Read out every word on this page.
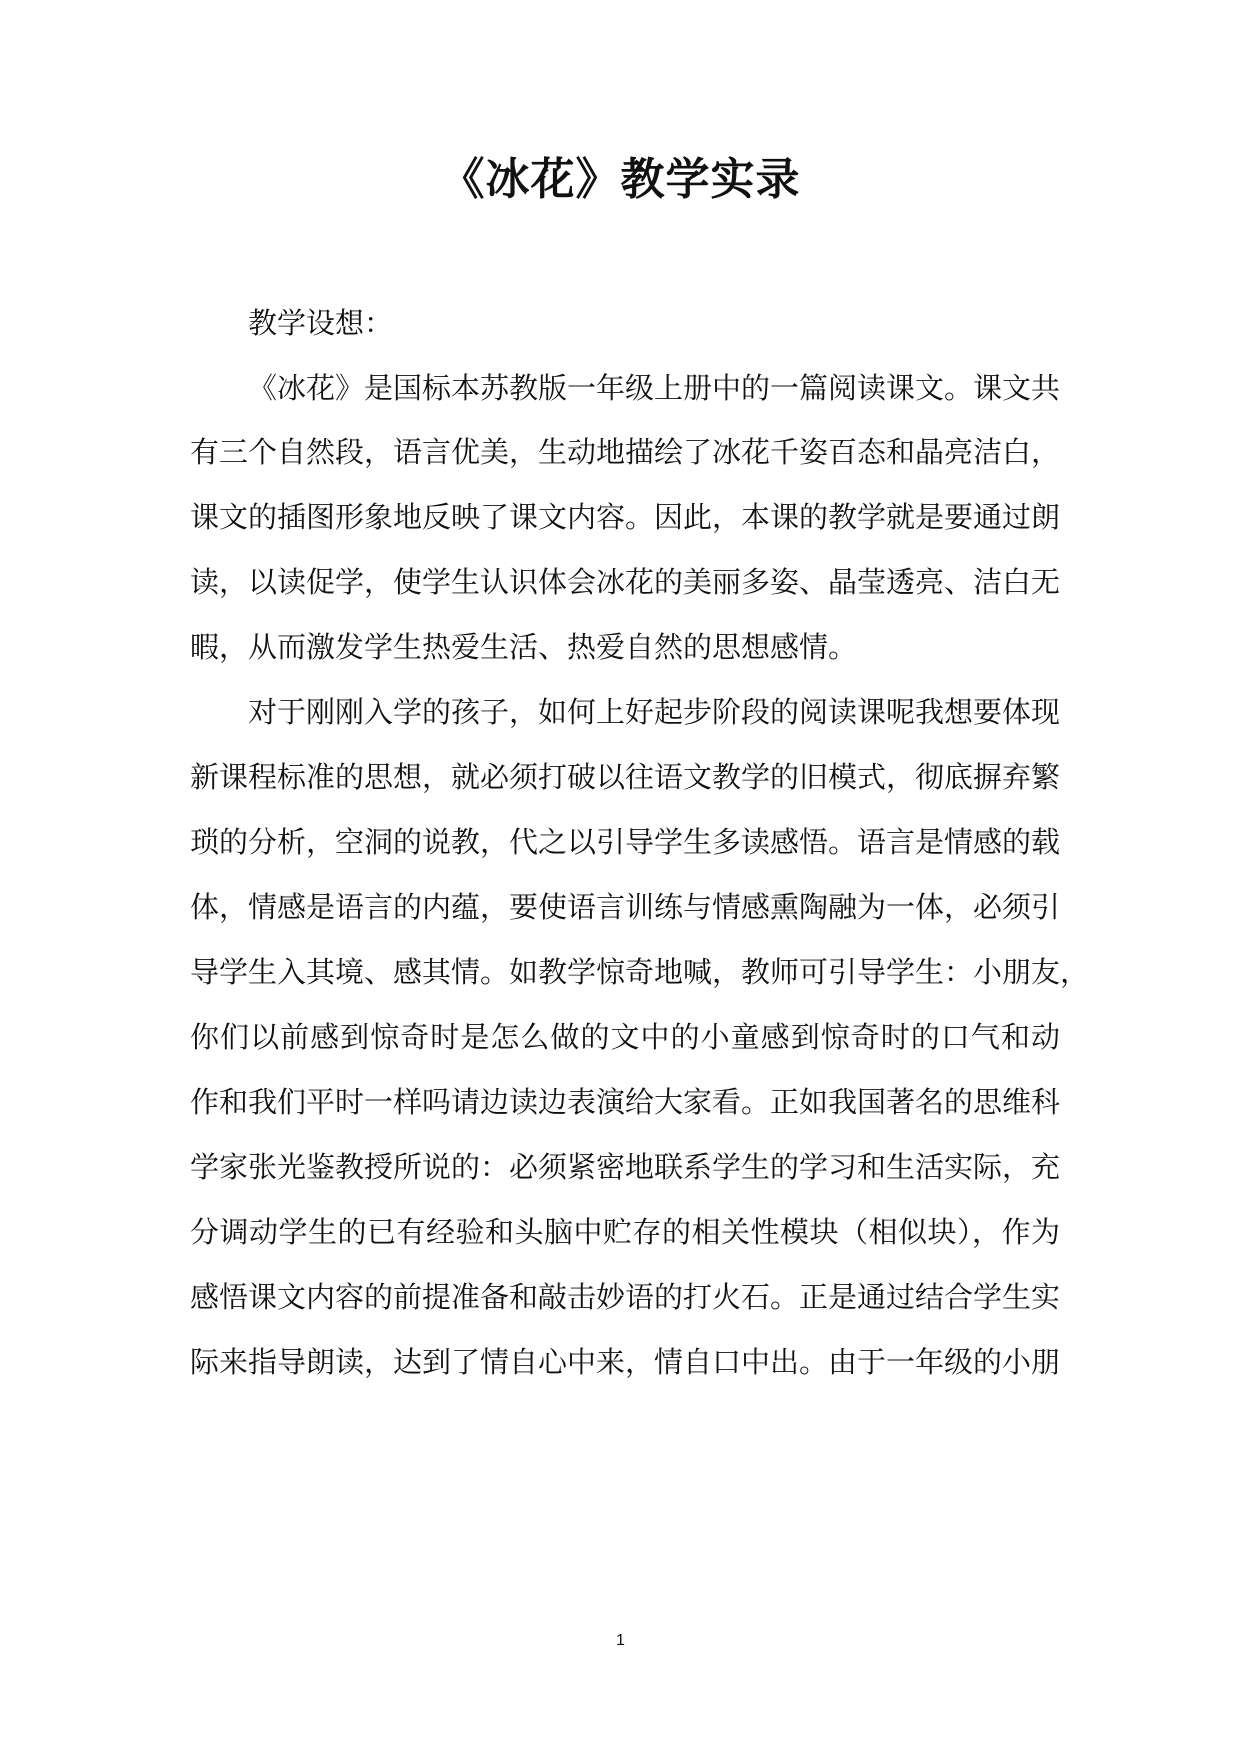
《冰花》教学实录
教学设想：
《冰花》是国标本苏教版一年级上册中的一篇阅读课文。课文共
有三个自然段，语言优美，生动地描绘了冰花千姿百态和晶亮洁白，
课文的插图形象地反映了课文内容。因此，本课的教学就是要通过朗
读，以读促学，使学生认识体会冰花的美丽多姿、晶莹透亮、洁白无
暇，从而激发学生热爱生活、热爱自然的思想感情。
对于刚刚入学的孩子，如何上好起步阶段的阅读课呢我想要体现
新课程标准的思想，就必须打破以往语文教学的旧模式，彻底摒弃繁
琐的分析，空洞的说教，代之以引导学生多读感悟。语言是情感的载
体，情感是语言的内蕴，要使语言训练与情感熏陶融为一体，必须引
导学生入其境、感其情。如教学惊奇地喊，教师可引导学生：小朋友，
你们以前感到惊奇时是怎么做的文中的小童感到惊奇时的口气和动
作和我们平时一样吗请边读边表演给大家看。正如我国著名的思维科
学家张光鉴教授所说的：必须紧密地联系学生的学习和生活实际，充
分调动学生的已有经验和头脑中贮存的相关性模块（相似块），作为
感悟课文内容的前提准备和敲击妙语的打火石。正是通过结合学生实
际来指导朗读，达到了情自心中来，情自口中出。由于一年级的小朋
1
